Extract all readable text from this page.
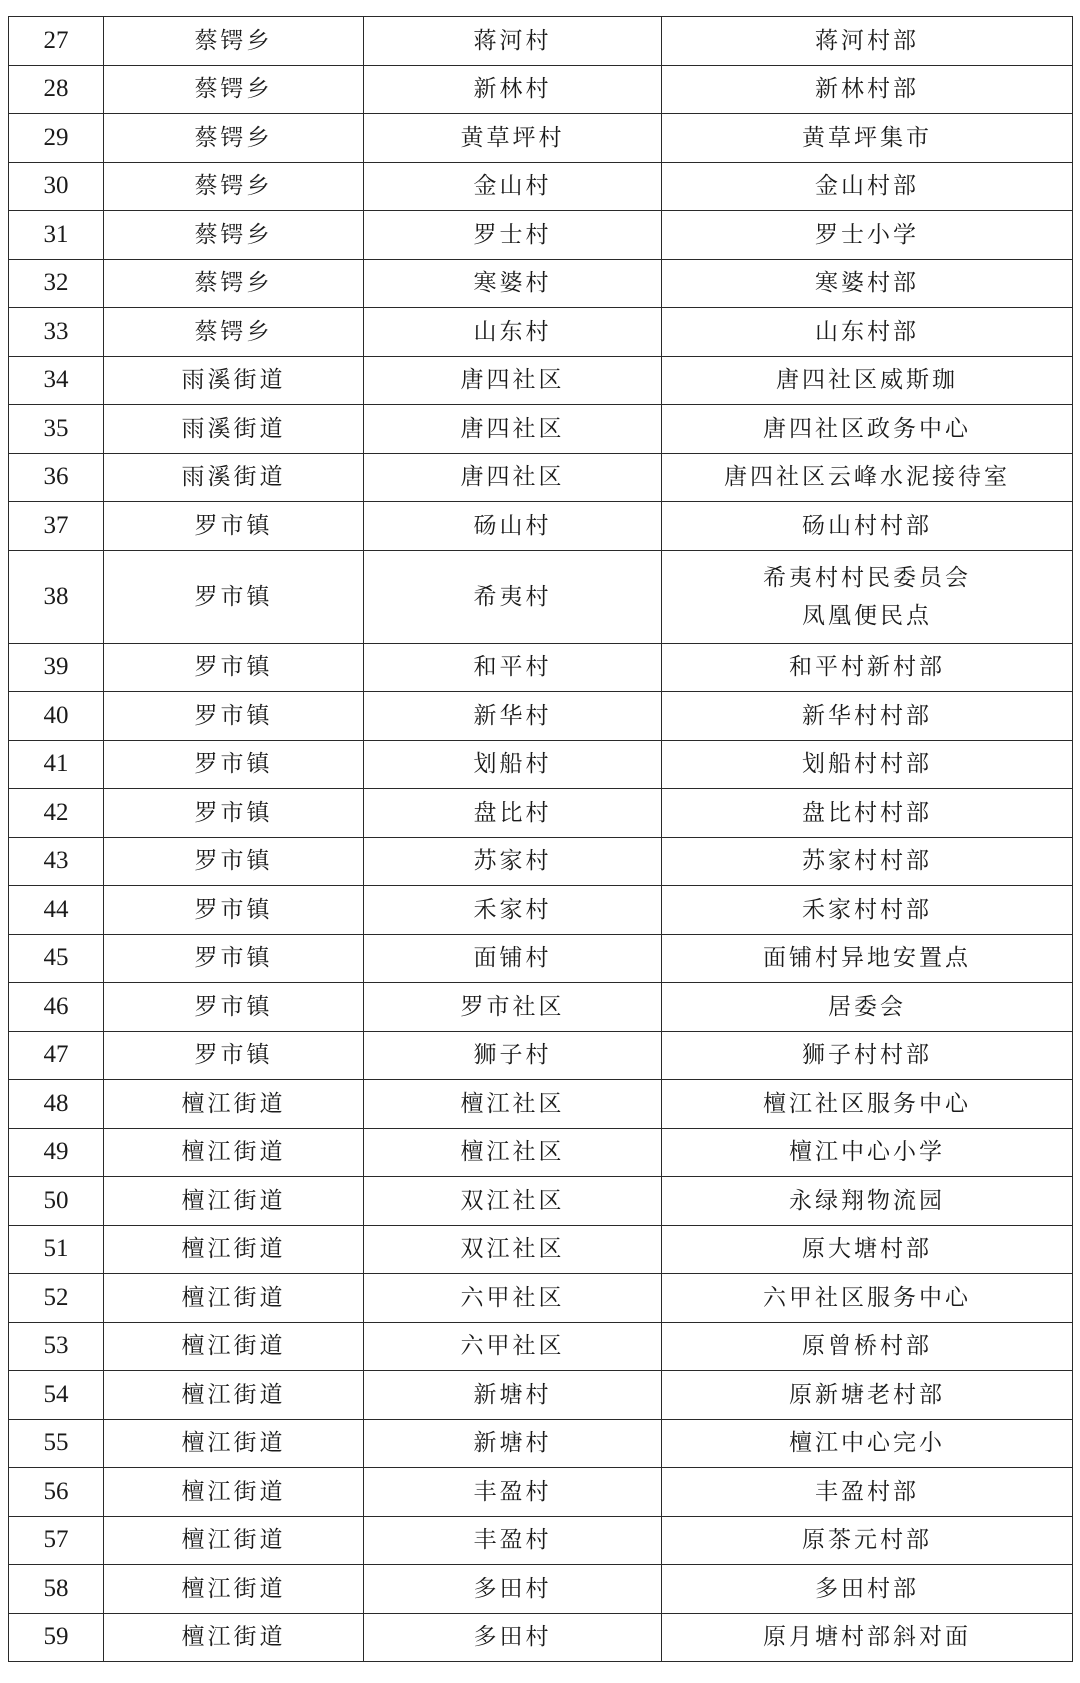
27	蔡锷乡	蒋河村	蒋河村部

28	蔡锷乡	新林村	新林村部

29	蔡锷乡	黄草坪村	黄草坪集市

30	蔡锷乡	金山村	金山村部

31	蔡锷乡	罗士村	罗士小学

32	蔡锷乡	寒婆村	寒婆村部

33	蔡锷乡	山东村	山东村部

34	雨溪街道	唐四社区	唐四社区威斯珈

35	雨溪街道	唐四社区	唐四社区政务中心

36	雨溪街道	唐四社区	唐四社区云峰水泥接待室

37	罗市镇	砀山村	砀山村村部

38	罗市镇	希夷村	希夷村村民委员会
凤凰便民点

39	罗市镇	和平村	和平村新村部

40	罗市镇	新华村	新华村村部

41	罗市镇	划船村	划船村村部

42	罗市镇	盘比村	盘比村村部

43	罗市镇	苏家村	苏家村村部

44	罗市镇	禾家村	禾家村村部

45	罗市镇	面铺村	面铺村异地安置点

46	罗市镇	罗市社区	居委会

47	罗市镇	狮子村	狮子村村部

48	檀江街道	檀江社区	檀江社区服务中心

49	檀江街道	檀江社区	檀江中心小学

50	檀江街道	双江社区	永绿翔物流园

51	檀江街道	双江社区	原大塘村部

52	檀江街道	六甲社区	六甲社区服务中心

53	檀江街道	六甲社区	原曾桥村部

54	檀江街道	新塘村	原新塘老村部

55	檀江街道	新塘村	檀江中心完小

56	檀江街道	丰盈村	丰盈村部

57	檀江街道	丰盈村	原茶元村部

58	檀江街道	多田村	多田村部

59	檀江街道	多田村	原月塘村部斜对面
